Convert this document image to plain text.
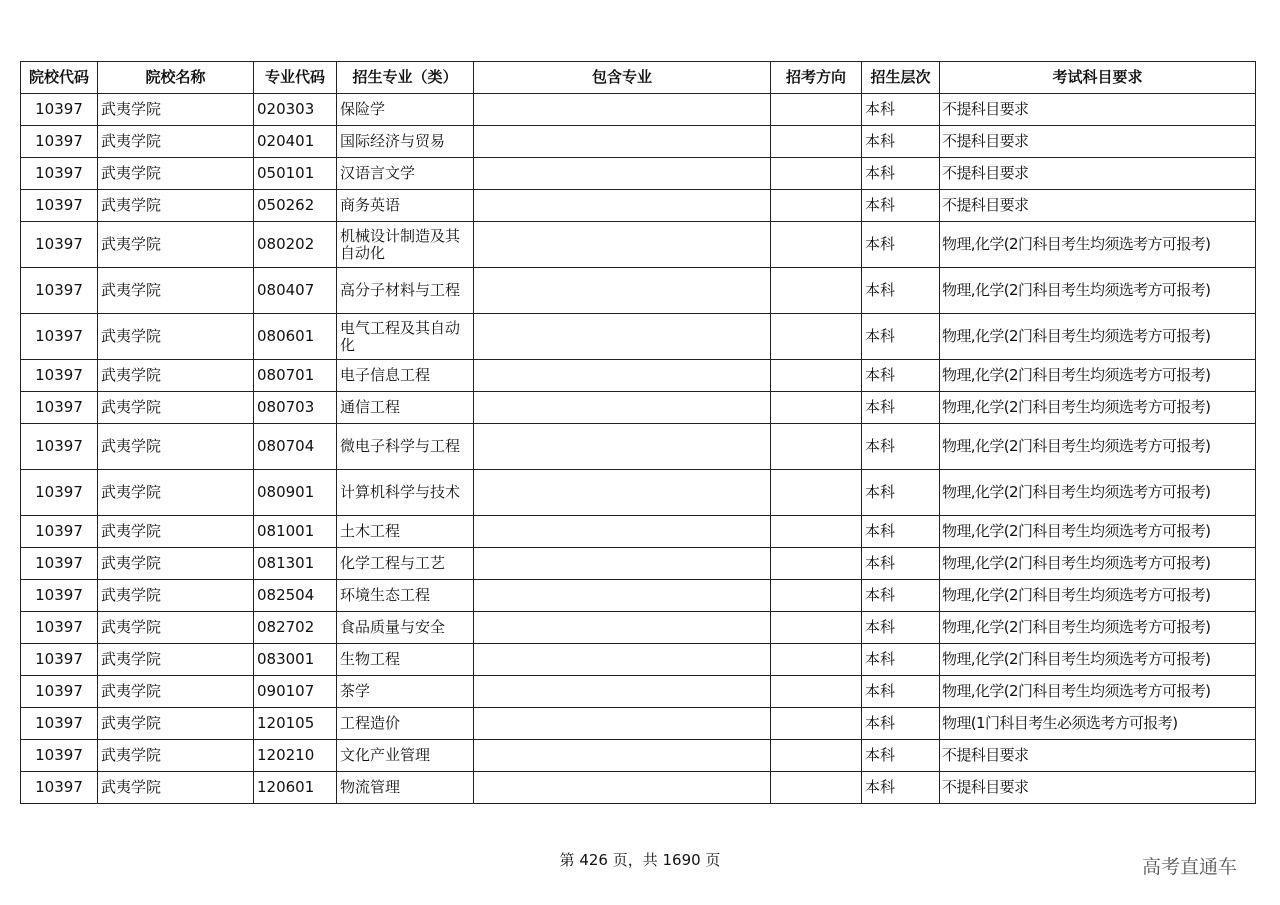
院校代码	院校名称	专业代码	招生专业（类）	包含专业	招考方向	招生层次	考试科目要求
10397	武夷学院	020303	保险学			本科	不提科目要求
10397	武夷学院	020401	国际经济与贸易			本科	不提科目要求
10397	武夷学院	050101	汉语言文学			本科	不提科目要求
10397	武夷学院	050262	商务英语			本科	不提科目要求
10397	武夷学院	080202	机械设计制造及其自动化			本科	物理,化学(2门科目考生均须选考方可报考)
10397	武夷学院	080407	高分子材料与工程			本科	物理,化学(2门科目考生均须选考方可报考)
10397	武夷学院	080601	电气工程及其自动化			本科	物理,化学(2门科目考生均须选考方可报考)
10397	武夷学院	080701	电子信息工程			本科	物理,化学(2门科目考生均须选考方可报考)
10397	武夷学院	080703	通信工程			本科	物理,化学(2门科目考生均须选考方可报考)
10397	武夷学院	080704	微电子科学与工程			本科	物理,化学(2门科目考生均须选考方可报考)
10397	武夷学院	080901	计算机科学与技术			本科	物理,化学(2门科目考生均须选考方可报考)
10397	武夷学院	081001	土木工程			本科	物理,化学(2门科目考生均须选考方可报考)
10397	武夷学院	081301	化学工程与工艺			本科	物理,化学(2门科目考生均须选考方可报考)
10397	武夷学院	082504	环境生态工程			本科	物理,化学(2门科目考生均须选考方可报考)
10397	武夷学院	082702	食品质量与安全			本科	物理,化学(2门科目考生均须选考方可报考)
10397	武夷学院	083001	生物工程			本科	物理,化学(2门科目考生均须选考方可报考)
10397	武夷学院	090107	茶学			本科	物理,化学(2门科目考生均须选考方可报考)
10397	武夷学院	120105	工程造价			本科	物理(1门科目考生必须选考方可报考)
10397	武夷学院	120210	文化产业管理			本科	不提科目要求
10397	武夷学院	120601	物流管理			本科	不提科目要求
第 426 页，共 1690 页	高考直通车
